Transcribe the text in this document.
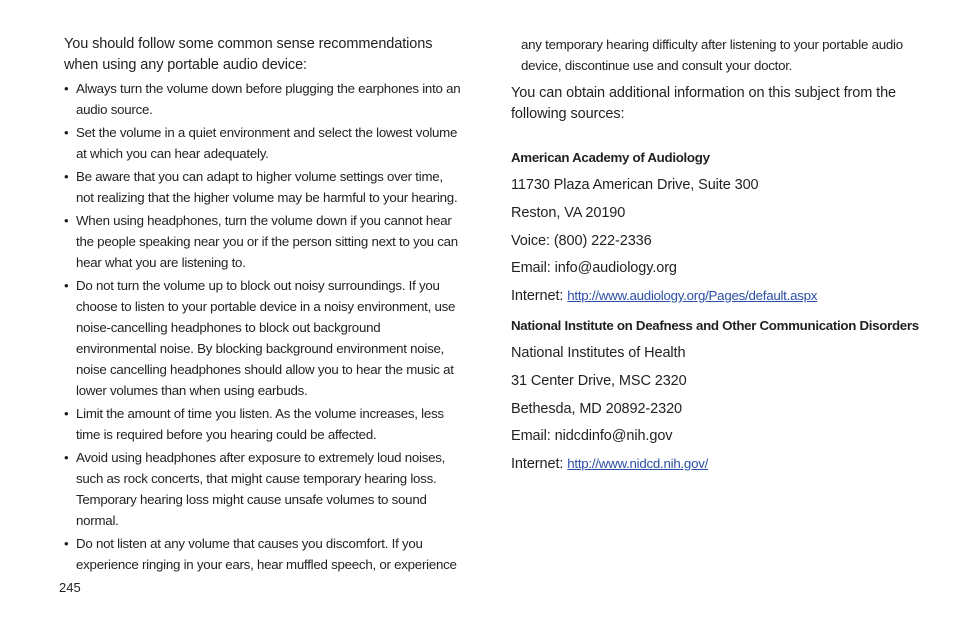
You should follow some common sense recommendations when using any portable audio device:
• Always turn the volume down before plugging the earphones into an audio source.
• Set the volume in a quiet environment and select the lowest volume at which you can hear adequately.
• Be aware that you can adapt to higher volume settings over time, not realizing that the higher volume may be harmful to your hearing.
• When using headphones, turn the volume down if you cannot hear the people speaking near you or if the person sitting next to you can hear what you are listening to.
• Do not turn the volume up to block out noisy surroundings. If you choose to listen to your portable device in a noisy environment, use noise-cancelling headphones to block out background environmental noise. By blocking background environment noise, noise cancelling headphones should allow you to hear the music at lower volumes than when using earbuds.
• Limit the amount of time you listen. As the volume increases, less time is required before you hearing could be affected.
• Avoid using headphones after exposure to extremely loud noises, such as rock concerts, that might cause temporary hearing loss. Temporary hearing loss might cause unsafe volumes to sound normal.
• Do not listen at any volume that causes you discomfort. If you experience ringing in your ears, hear muffled speech, or experience
any temporary hearing difficulty after listening to your portable audio device, discontinue use and consult your doctor.
You can obtain additional information on this subject from the following sources:
American Academy of Audiology
11730 Plaza American Drive, Suite 300
Reston, VA 20190
Voice: (800) 222-2336
Email: info@audiology.org
Internet: http://www.audiology.org/Pages/default.aspx
National Institute on Deafness and Other Communication Disorders
National Institutes of Health
31 Center Drive, MSC 2320
Bethesda, MD 20892-2320
Email: nidcdinfo@nih.gov
Internet: http://www.nidcd.nih.gov/
245
